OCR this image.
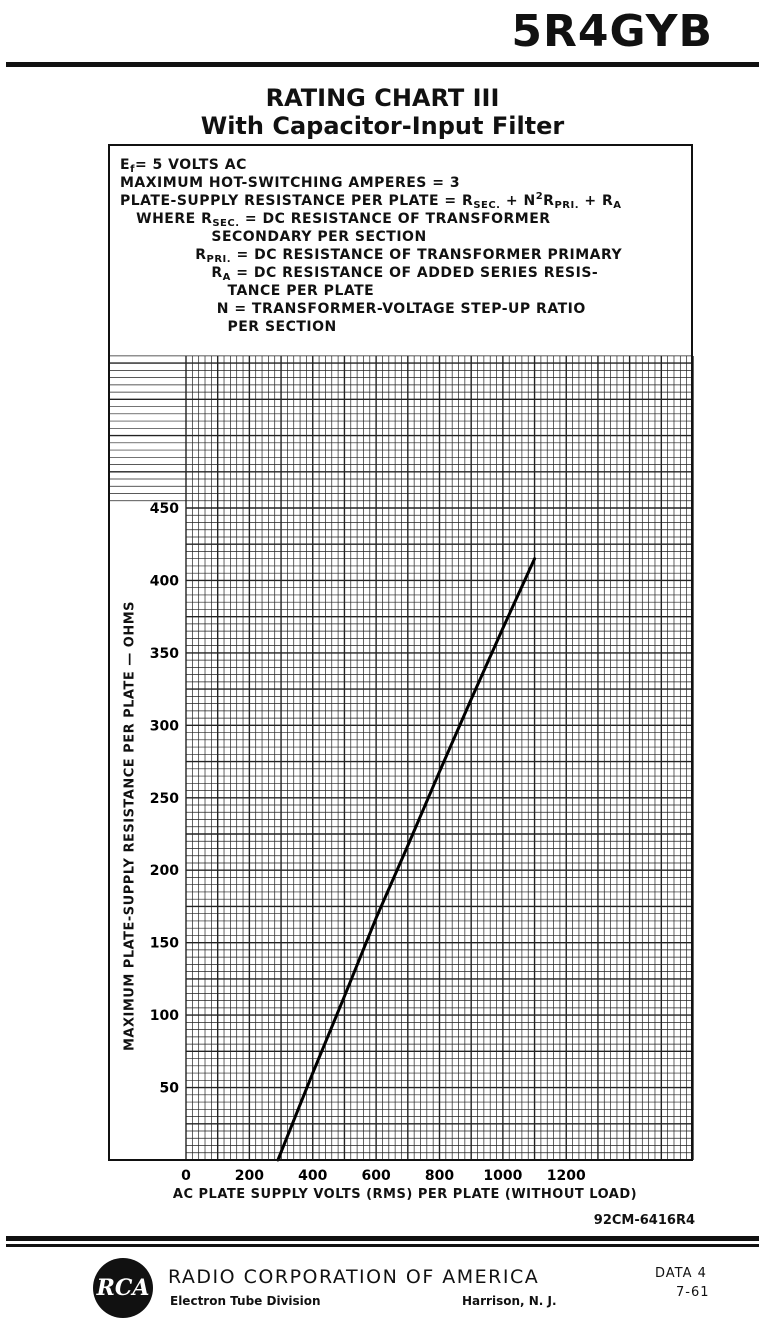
5R4GYB
RATING CHART III
With Capacitor-Input Filter
50
100
150
200
250
300
350
400
450
0	200 400 600 800 1000 1200
$E_f= 5$ VOLTS AC
MAXIMUM HOT-SWITCHING AMPERES = 3
PLATE-SUPPLY RESISTANCE PER PLATE = $R_{SEC.} + N^2R_{PRI.} + R_A$
WHERE $R_{SEC.}$ = DC RESISTANCE OF TRANSFORMER
SECONDARY PER SECTION
$R_{PRI.}$ = DC RESISTANCE OF TRANSFORMER PRIMARY
$R_A$ = DC RESISTANCE OF ADDED SERIES RESIS-
TANCE PER PLATE
N = TRANSFORMER-VOLTAGE STEP-UP RATIO
PER SECTION
MAXIMUM PLATE-SUPPLY RESISTANCE PER PLATE — OHMS
AC PLATE SUPPLY VOLTS (RMS) PER PLATE (WITHOUT LOAD)
92CM-6416R4
RCA RADIO CORPORATION OF AMERICA
Electron Tube Division	Harrison, N. J.
DATA 4
7-61
